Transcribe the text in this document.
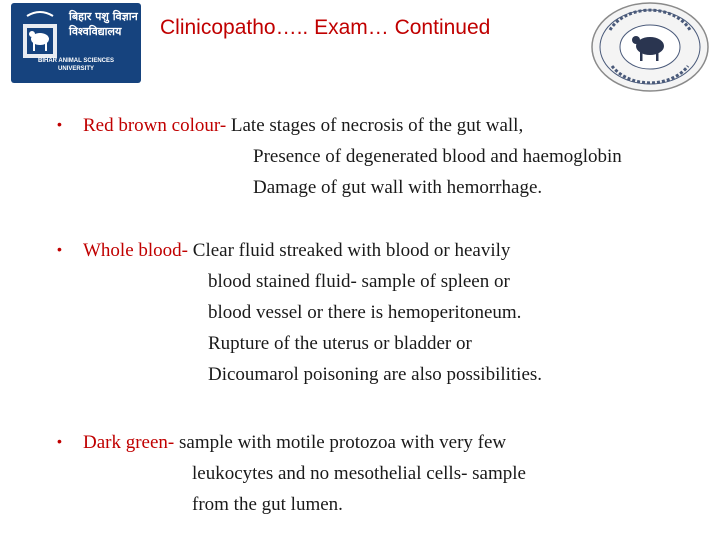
बिहार पशु विज्ञान
विश्वविद्यालय
BIHAR ANIMAL SCIENCES
UNIVERSITY
Clinicopatho….. Exam… Continued
• Red brown colour- Late stages of necrosis of the gut wall,
Presence of degenerated blood and haemoglobin
Damage of gut wall with hemorrhage.
• Whole blood- Clear fluid streaked with blood or heavily
blood stained fluid- sample of spleen or
blood vessel or there is hemoperitoneum.
Rupture of the uterus or bladder or
Dicoumarol poisoning are also possibilities.
• Dark green- sample with motile protozoa with very few
leukocytes and no mesothelial cells- sample
from the gut lumen.
